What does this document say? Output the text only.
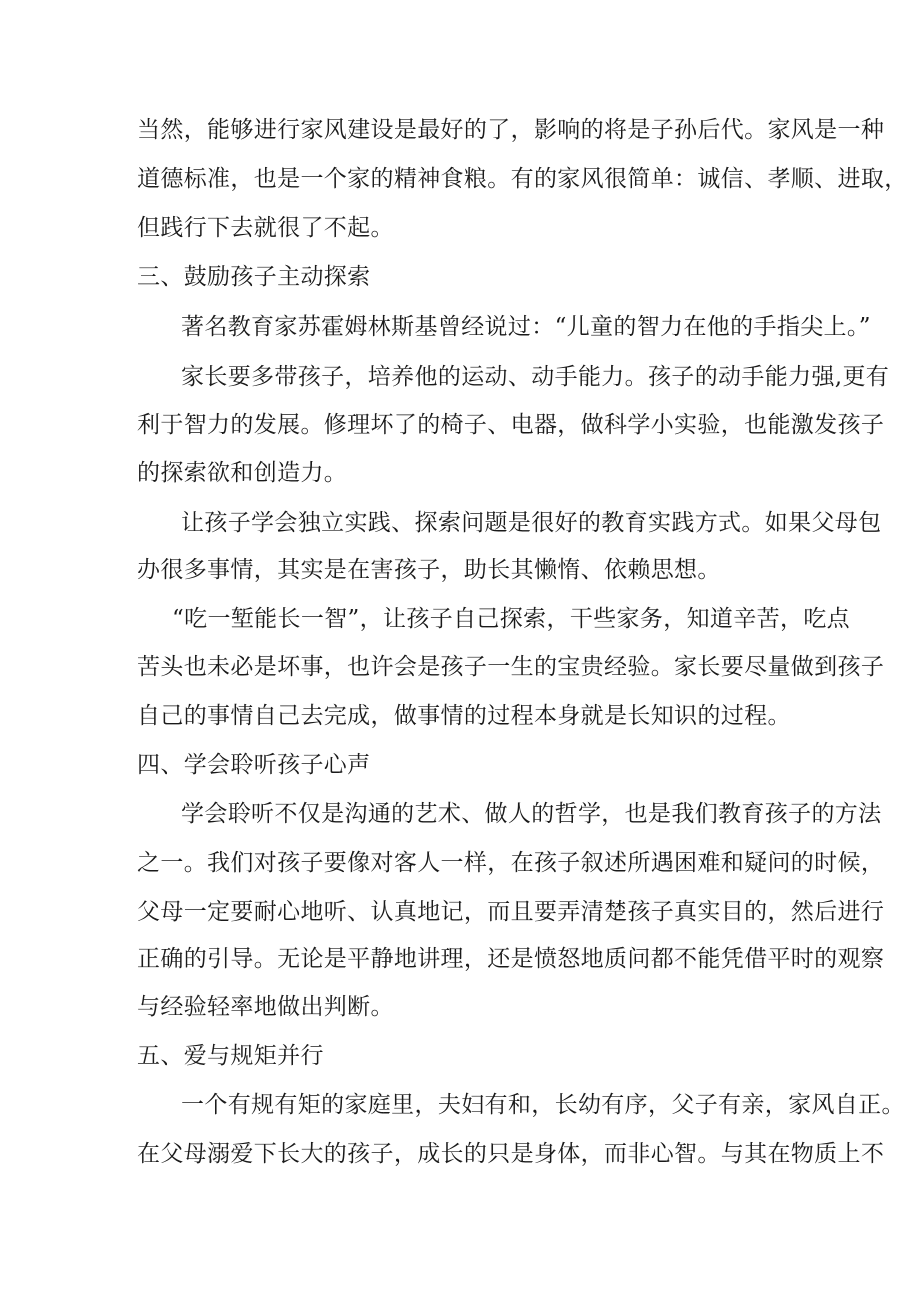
当然，能够进行家风建设是最好的了，影响的将是子孙后代。家风是一种
道德标准，也是一个家的精神食粮。有的家风很简单：诚信、孝顺、进取，
但践行下去就很了不起。
三、鼓励孩子主动探索
著名教育家苏霍姆林斯基曾经说过：“儿童的智力在他的手指尖上。”
家长要多带孩子，培养他的运动、动手能力。孩子的动手能力强,更有
利于智力的发展。修理坏了的椅子、电器，做科学小实验，也能激发孩子
的探索欲和创造力。
让孩子学会独立实践、探索问题是很好的教育实践方式。如果父母包
办很多事情，其实是在害孩子，助长其懒惰、依赖思想。
“吃一堑能长一智”，让孩子自己探索，干些家务，知道辛苦，吃点
苦头也未必是坏事，也许会是孩子一生的宝贵经验。家长要尽量做到孩子
自己的事情自己去完成，做事情的过程本身就是长知识的过程。
四、学会聆听孩子心声
学会聆听不仅是沟通的艺术、做人的哲学，也是我们教育孩子的方法
之一。我们对孩子要像对客人一样，在孩子叙述所遇困难和疑问的时候，
父母一定要耐心地听、认真地记，而且要弄清楚孩子真实目的，然后进行
正确的引导。无论是平静地讲理，还是愤怒地质问都不能凭借平时的观察
与经验轻率地做出判断。
五、爱与规矩并行
一个有规有矩的家庭里，夫妇有和，长幼有序，父子有亲，家风自正。
在父母溺爱下长大的孩子，成长的只是身体，而非心智。与其在物质上不
